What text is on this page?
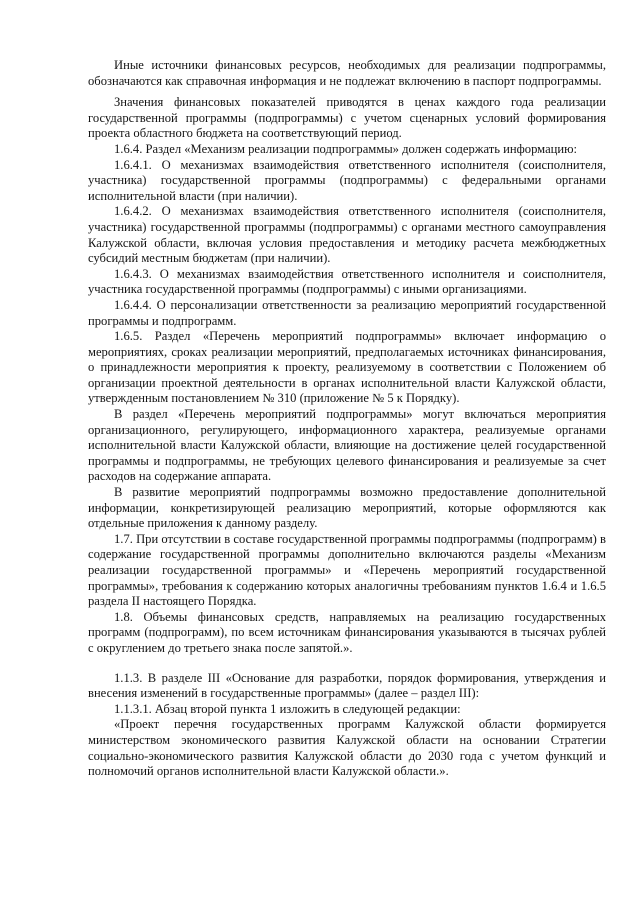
Иные источники финансовых ресурсов, необходимых для реализации подпрограммы, обозначаются как справочная информация и не подлежат включению в паспорт подпрограммы.

Значения финансовых показателей приводятся в ценах каждого года реализации государственной программы (подпрограммы) с учетом сценарных условий формирования проекта областного бюджета на соответствующий период.

1.6.4. Раздел «Механизм реализации подпрограммы» должен содержать информацию:

1.6.4.1. О механизмах взаимодействия ответственного исполнителя (соисполнителя, участника) государственной программы (подпрограммы) с федеральными органами исполнительной власти (при наличии).

1.6.4.2. О механизмах взаимодействия ответственного исполнителя (соисполнителя, участника) государственной программы (подпрограммы) с органами местного самоуправления Калужской области, включая условия предоставления и методику расчета межбюджетных субсидий местным бюджетам (при наличии).

1.6.4.3. О механизмах взаимодействия ответственного исполнителя и соисполнителя, участника государственной программы (подпрограммы) с иными организациями.

1.6.4.4. О персонализации ответственности за реализацию мероприятий государственной программы и подпрограмм.

1.6.5. Раздел «Перечень мероприятий подпрограммы» включает информацию о мероприятиях, сроках реализации мероприятий, предполагаемых источниках финансирования, о принадлежности мероприятия к проекту, реализуемому в соответствии с Положением об организации проектной деятельности в органах исполнительной власти Калужской области, утвержденным постановлением № 310 (приложение № 5 к Порядку).

В раздел «Перечень мероприятий подпрограммы» могут включаться мероприятия организационного, регулирующего, информационного характера, реализуемые органами исполнительной власти Калужской области, влияющие на достижение целей государственной программы и подпрограммы, не требующих целевого финансирования и реализуемые за счет расходов на содержание аппарата.

В развитие мероприятий подпрограммы возможно предоставление дополнительной информации, конкретизирующей реализацию мероприятий, которые оформляются как отдельные приложения к данному разделу.

1.7. При отсутствии в составе государственной программы подпрограммы (подпрограмм) в содержание государственной программы дополнительно включаются разделы «Механизм реализации государственной программы» и «Перечень мероприятий государственной программы», требования к содержанию которых аналогичны требованиям пунктов 1.6.4 и 1.6.5 раздела II настоящего Порядка.

1.8. Объемы финансовых средств, направляемых на реализацию государственных программ (подпрограмм), по всем источникам финансирования указываются в тысячах рублей с округлением до третьего знака после запятой.».

1.1.3. В разделе III «Основание для разработки, порядок формирования, утверждения и внесения изменений в государственные программы» (далее – раздел III):

1.1.3.1. Абзац второй пункта 1 изложить в следующей редакции:

«Проект перечня государственных программ Калужской области формируется министерством экономического развития Калужской области на основании Стратегии социально-экономического развития Калужской области до 2030 года с учетом функций и полномочий органов исполнительной власти Калужской области.».
